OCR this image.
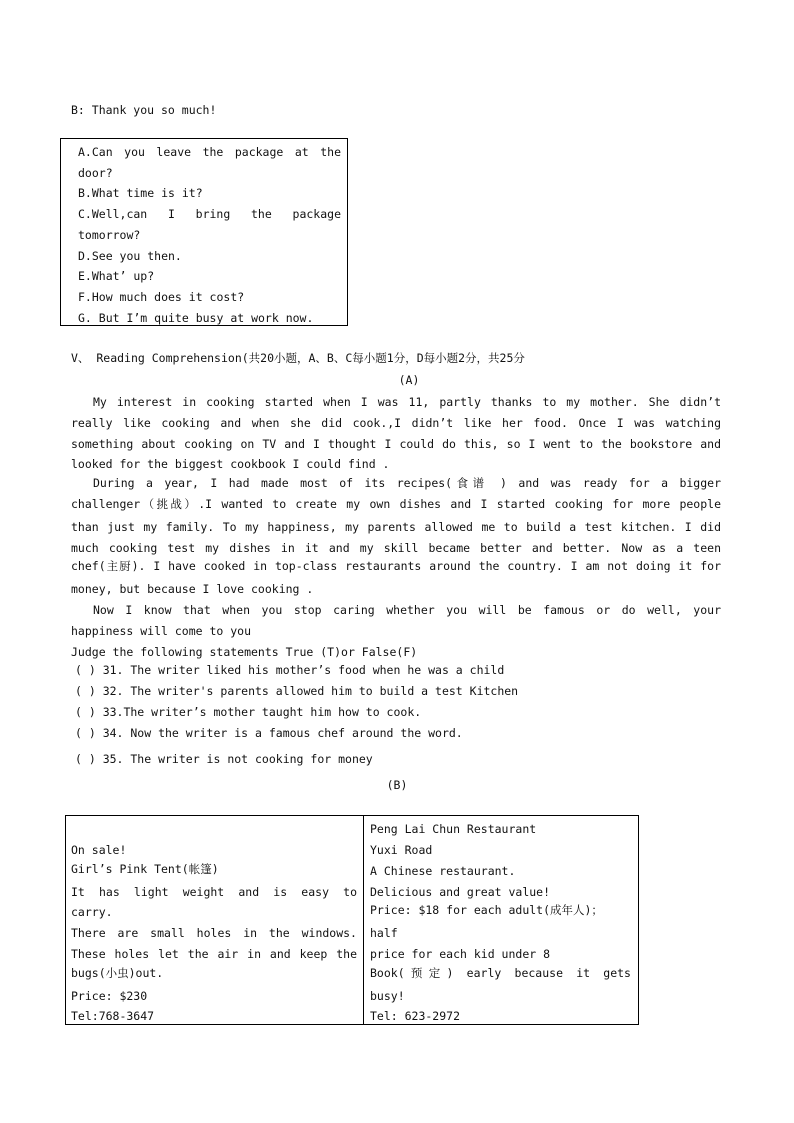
B: Thank you so much!
A.Can you leave the package at the
door?
B.What time is it?
C.Well,can I bring the package
tomorrow?
D.See you then.
E.What’ up?
F.How much does it cost?
G. But I’m quite busy at work now.
V、 Reading Comprehension(共20小题，A、B、C每小题1分，D每小题2分，共25分
(A)
My interest in cooking started when I was 11, partly thanks to my mother. She didn’t
really like cooking and when she did cook.,I didn’t like her food. Once I was watching
something about cooking on TV and I thought I could do this, so I went to the bookstore and
looked for the biggest cookbook I could find .
During a year, I had made most of its recipes(食谱 ) and was ready for a bigger
challenger（挑战）.I wanted to create my own dishes and I started cooking for more people
than just my family. To my happiness, my parents allowed me to build a test kitchen. I did
much cooking test my dishes in it and my skill became better and better. Now as a teen
chef(主厨). I have cooked in top-class restaurants around the country. I am not doing it for
money, but because I love cooking .
Now I know that when you stop caring whether you will be famous or do well, your
happiness will come to you
Judge the following statements True (T)or False(F)
( ) 31. The writer liked his mother’s food when he was a child
( ) 32. The writer's parents allowed him to build a test Kitchen
( ) 33.The writer’s mother taught him how to cook.
( ) 34. Now the writer is a famous chef around the word.
( ) 35. The writer is not cooking for money
(B)
On sale!
Girl’s Pink Tent(帐篷)
It has light weight and is easy to
carry.
There are small holes in the windows.
These holes let the air in and keep the
bugs(小虫)out.
Price: $230
Tel:768-3647
Peng Lai Chun Restaurant
Yuxi Road
A Chinese restaurant.
Delicious and great value!
Price: $18 for each adult(成年人)；
half
price for each kid under 8
Book(预定) early because it gets
busy!
Tel: 623-2972
